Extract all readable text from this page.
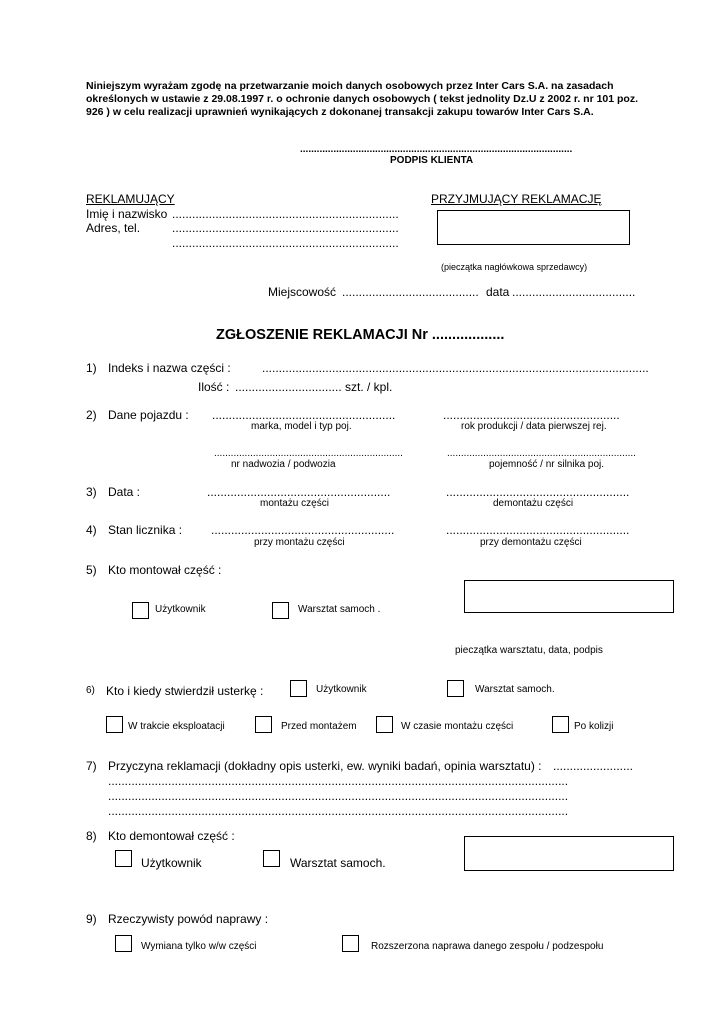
Niniejszym wyrażam zgodę na przetwarzanie moich danych osobowych przez Inter Cars S.A. na zasadach określonych w ustawie z 29.08.1997 r. o ochronie danych osobowych ( tekst jednolity Dz.U z 2002 r. nr 101 poz. 926 ) w celu realizacji uprawnień wynikających z dokonanej transakcji zakupu towarów Inter Cars S.A.
..................................................................................................
PODPIS KLIENTA
REKLAMUJĄCY
Imię i nazwisko ....................................................................
Adres, tel.	....................................................................
....................................................................
PRZYJMUJĄCY REKLAMACJĘ
(pieczątka nagłówkowa sprzedawcy)
Miejscowość ......................................... data .....................................
ZGŁOSZENIE REKLAMACJI Nr ..................
1) Indeks i nazwa części :	....................................................................................................................
Ilość : ................................ szt. / kpl.
2) Dane pojazdu : .......................................................
marka, model i typ poj.
.....................................................
rok produkcji / data pierwszej rej.
....................................................................
nr nadwozia / podwozia
....................................................................
pojemność / nr silnika poj.
3) Data :	.......................................................
montażu części
.......................................................
demontażu części
4) Stan licznika : .......................................................
przy montażu części
.......................................................
przy demontażu części
5) Kto montował część :
Użytkownik	Warsztat samoch .
pieczątka warsztatu, data, podpis
6) Kto i kiedy stwierdził usterkę :	Użytkownik	Warsztat samoch.
W trakcie eksploatacji	Przed montażem	W czasie montażu części	Po kolizji
7) Przyczyna reklamacji (dokładny opis usterki, ew. wyniki badań, opinia warsztatu) : ........................
..........................................................................................................................................
..........................................................................................................................................
..........................................................................................................................................
8) Kto demontował część :
Użytkownik	Warsztat samoch.
9) Rzeczywisty powód naprawy :
Wymiana tylko w/w części	Rozszerzona naprawa danego zespołu / podzespołu
